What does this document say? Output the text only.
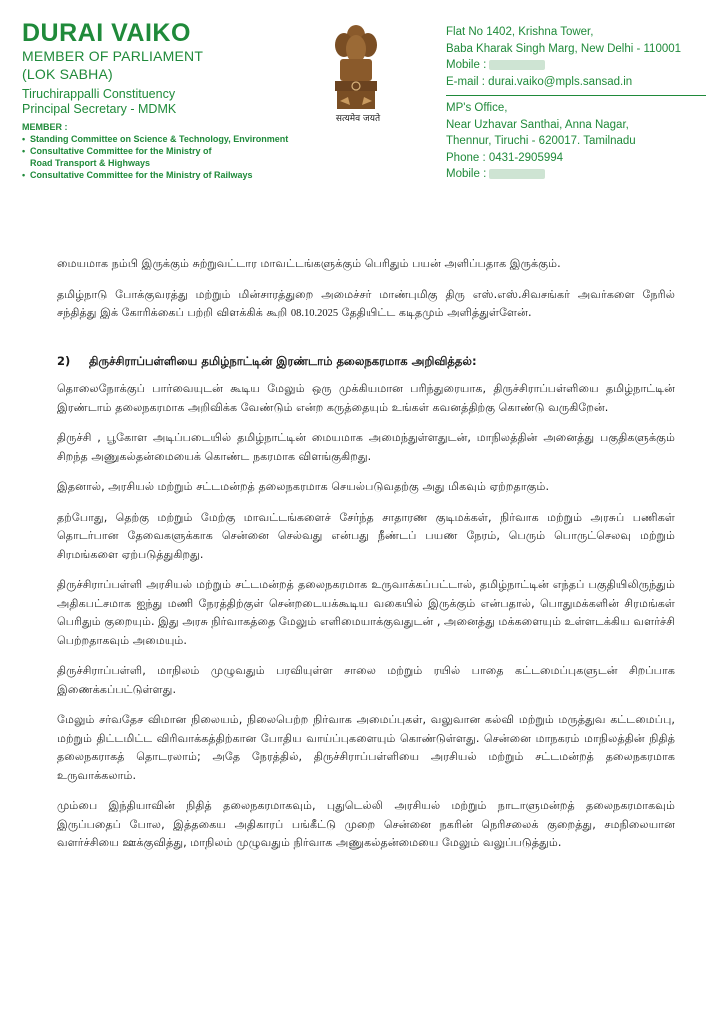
DURAI VAIKO
MEMBER OF PARLIAMENT
(LOK SABHA)
Tiruchirappalli Constituency
Principal Secretary - MDMK
MEMBER :
• Standing Committee on Science & Technology, Environment
• Consultative Committee for the Ministry of
Road Transport & Highways
• Consultative Committee for the Ministry of Railways
सत्यमेव जयते
Flat No 1402, Krishna Tower,
Baba Kharak Singh Marg, New Delhi - 110001
Mobile :
E-mail : durai.vaiko@mpls.sansad.in
MP's Office,
Near Uzhavar Santhai, Anna Nagar,
Thennur, Tiruchi - 620017. Tamilnadu
Phone : 0431-2905994
Mobile :

மையமாக நம்பி இருக்கும் சுற்றுவட்டார மாவட்டங்களுக்கும் பெரிதும் பயன் அளிப்பதாக இருக்கும்.

தமிழ்நாடு போக்குவரத்து மற்றும் மின்சாரத்துறை அமைச்சர் மாண்புமிகு திரு எஸ்.எஸ்.சிவசங்கர் அவர்களை நேரில் சந்தித்து இக் கோரிக்கைப் பற்றி விளக்கிக் கூறி 08.10.2025 தேதியிட்ட கடிதமும் அளித்துள்ளேன்.

2) திருச்சிராப்பள்ளியை தமிழ்நாட்டின் இரண்டாம் தலைநகரமாக அறிவித்தல்:

தொலைநோக்குப் பார்வையுடன் கூடிய மேலும் ஒரு முக்கியமான பரிந்துரையாக, திருச்சிராப்பள்ளியை தமிழ்நாட்டின் இரண்டாம் தலைநகரமாக அறிவிக்க வேண்டும் என்ற கருத்தையும் உங்கள் கவனத்திற்கு கொண்டு வருகிறேன்.

திருச்சி , பூகோள அடிப்படையில் தமிழ்நாட்டின் மையமாக அமைந்துள்ளதுடன், மாநிலத்தின் அனைத்து பகுதிகளுக்கும் சிறந்த அணுகல்தன்மையைக் கொண்ட நகரமாக விளங்குகிறது.

இதனால், அரசியல் மற்றும் சட்டமன்றத் தலைநகரமாக செயல்படுவதற்கு அது மிகவும் ஏற்றதாகும்.

தற்போது, தெற்கு மற்றும் மேற்கு மாவட்டங்களைச் சேர்ந்த சாதாரண குடிமக்கள், நிர்வாக மற்றும் அரசுப் பணிகள் தொடர்பான தேவைகளுக்காக சென்னை செல்வது என்பது நீண்டப் பயண நேரம், பெரும் பொருட்செலவு மற்றும் சிரமங்களை ஏற்படுத்துகிறது.

திருச்சிராப்பள்ளி அரசியல் மற்றும் சட்டமன்றத் தலைநகரமாக உருவாக்கப்பட்டால், தமிழ்நாட்டின் எந்தப் பகுதியிலிருந்தும் அதிகபட்சமாக ஐந்து மணி நேரத்திற்குள் சென்றடையக்கூடிய வகையில் இருக்கும் என்பதால், பொதுமக்களின் சிரமங்கள் பெரிதும் குறையும். இது அரசு நிர்வாகத்தை மேலும் எளிமையாக்குவதுடன் , அனைத்து மக்களையும் உள்ளடக்கிய வளர்ச்சி பெற்றதாகவும் அமையும்.

திருச்சிராப்பள்ளி, மாநிலம் முழுவதும் பரவியுள்ள சாலை மற்றும் ரயில் பாதை கட்டமைப்புகளுடன் சிறப்பாக இணைக்கப்பட்டுள்ளது.

மேலும் சர்வதேச விமான நிலையம், நிலைபெற்ற நிர்வாக அமைப்புகள், வலுவான கல்வி மற்றும் மருத்துவ கட்டமைப்பு, மற்றும் திட்டமிட்ட விரிவாக்கத்திற்கான போதிய வாய்ப்புகளையும் கொண்டுள்ளது. சென்னை மாநகரம் மாநிலத்தின் நிதித் தலைநகராகத் தொடரலாம்; அதே நேரத்தில், திருச்சிராப்பள்ளியை அரசியல் மற்றும் சட்டமன்றத் தலைநகரமாக உருவாக்கலாம்.

மும்பை இந்தியாவின் நிதித் தலைநகரமாகவும், புதுடெல்லி அரசியல் மற்றும் நாடாளுமன்றத் தலைநகரமாகவும் இருப்பதைப் போல, இத்தகைய அதிகாரப் பங்கீட்டு முறை சென்னை நகரின் நெரிசலைக் குறைத்து, சமநிலையான வளர்ச்சியை ஊக்குவித்து, மாநிலம் முழுவதும் நிர்வாக அணுகல்தன்மையை மேலும் வலுப்படுத்தும்.
